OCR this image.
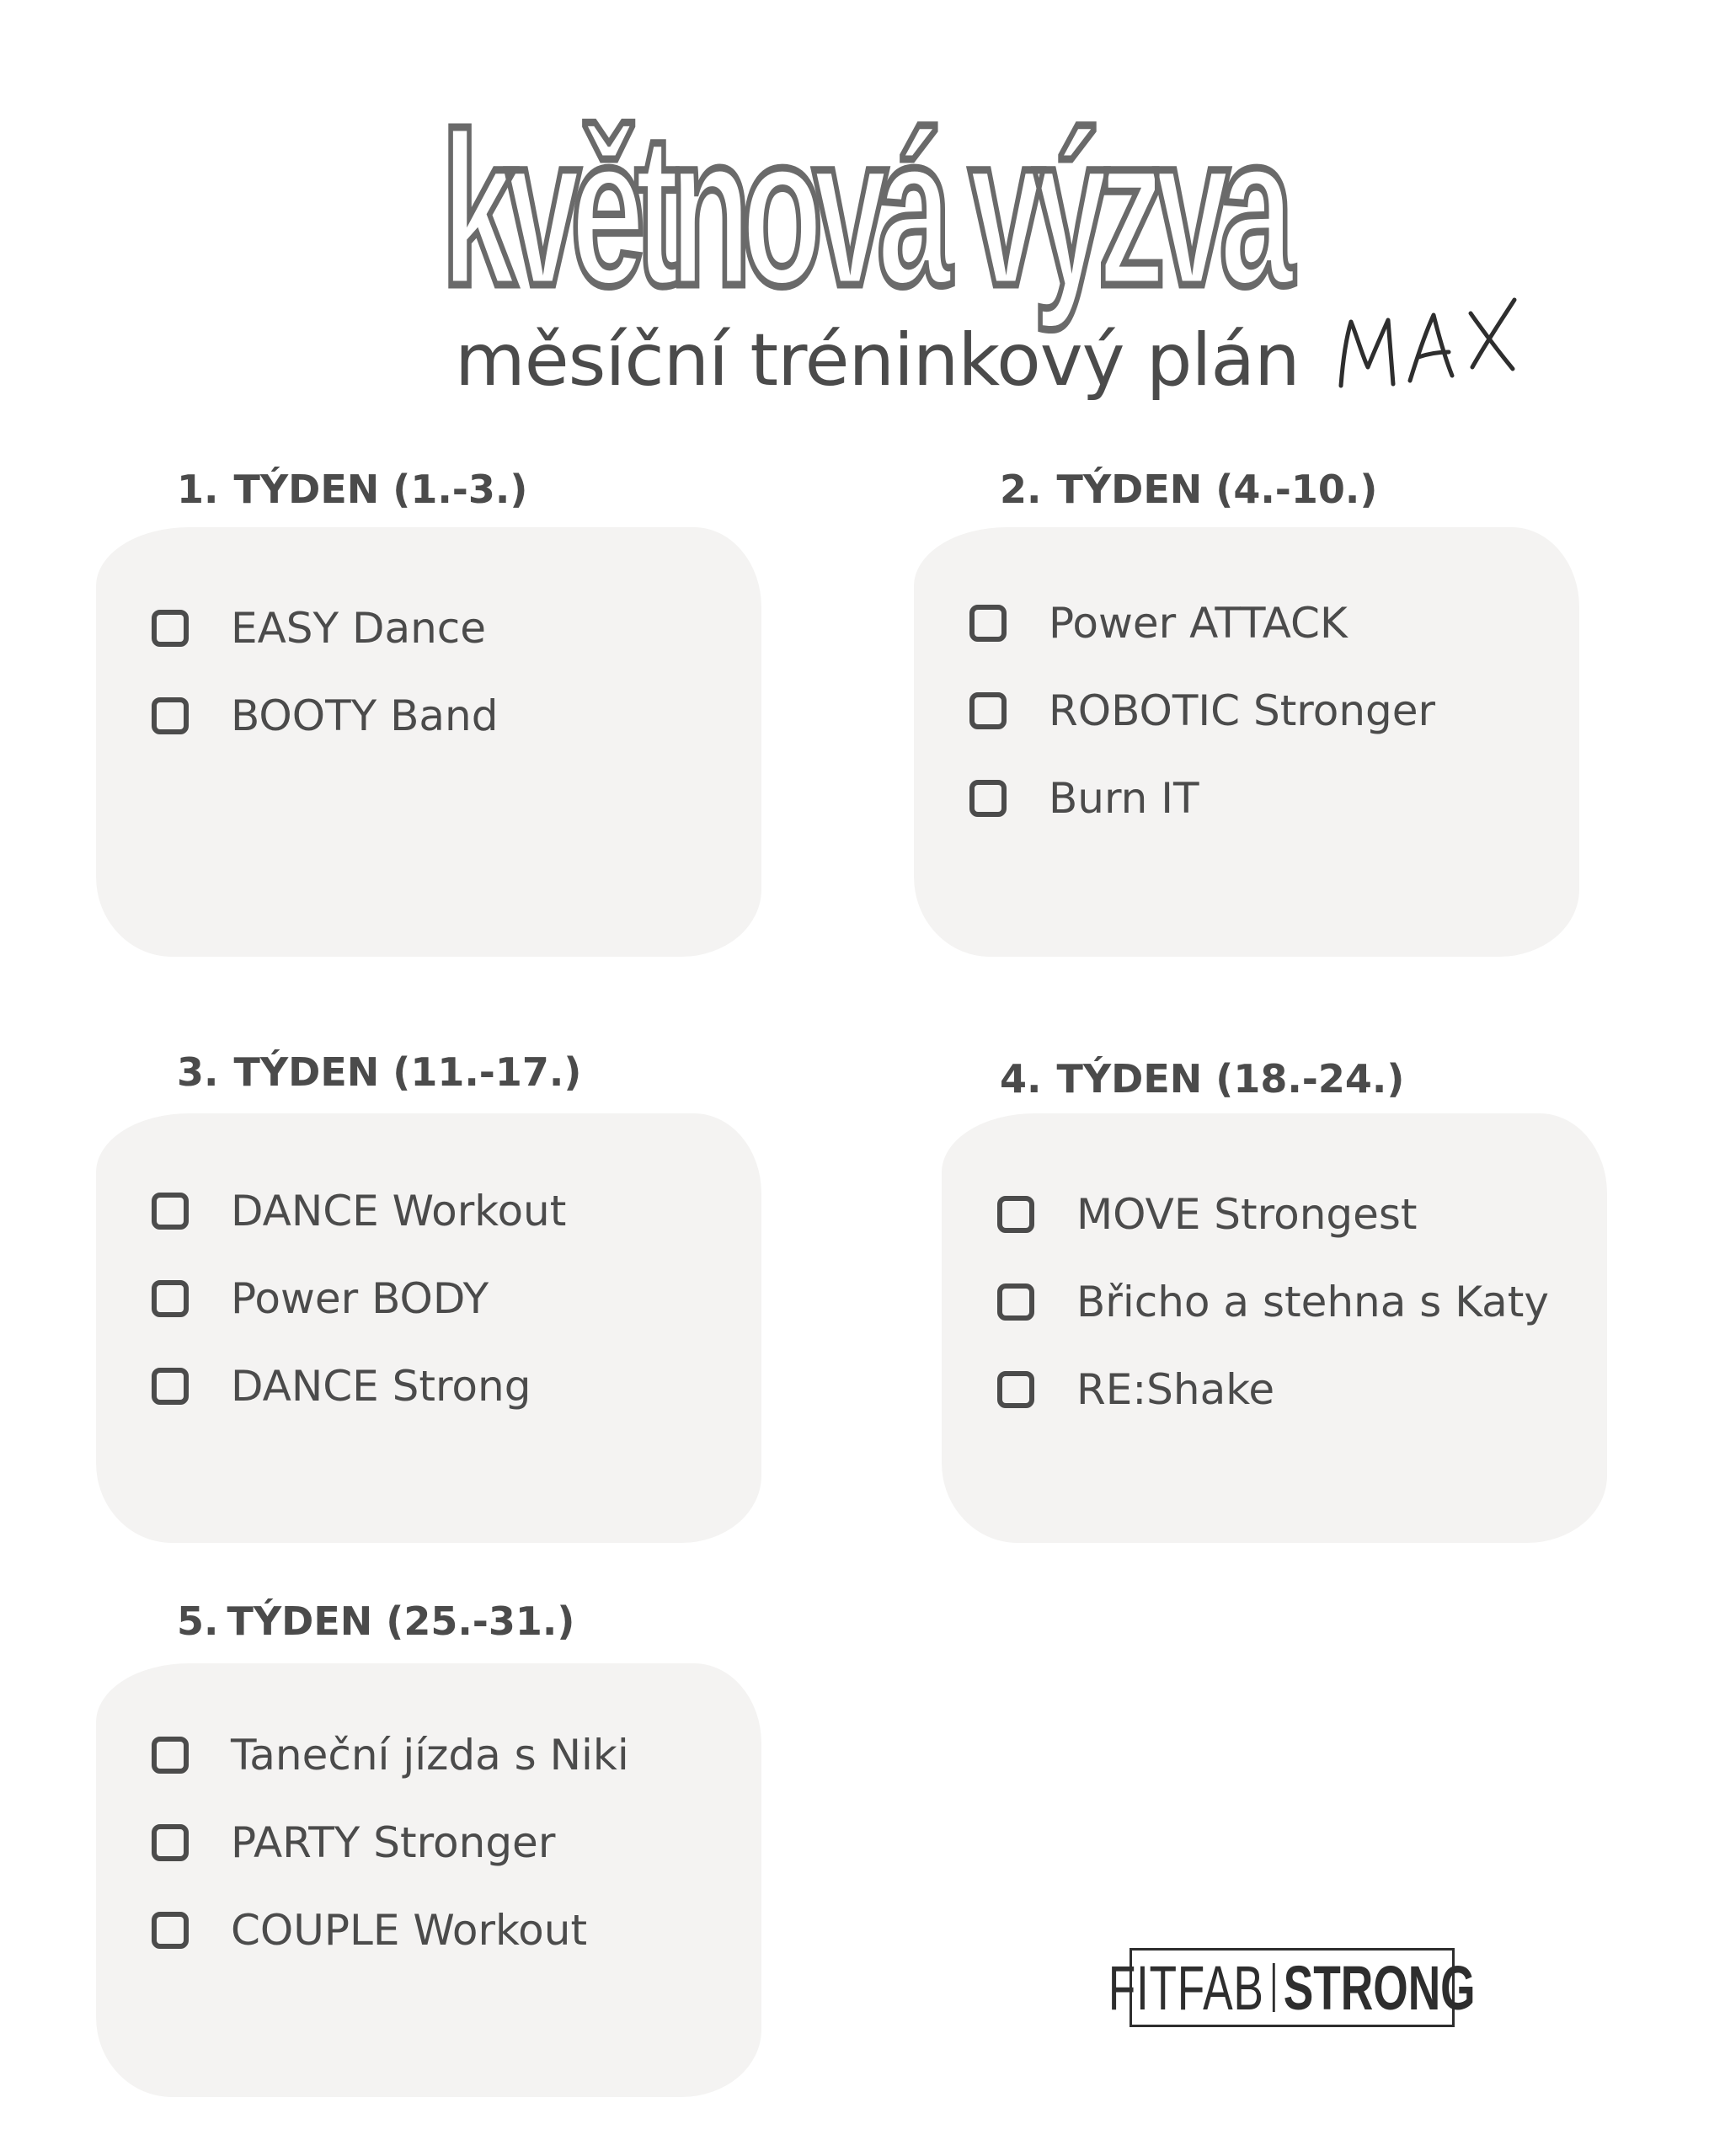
květnová výzva
měsíční tréninkový plán
1. TÝDEN (1.-3.)
EASY Dance
BOOTY Band
2. TÝDEN (4.-10.)
Power ATTACK
ROBOTIC Stronger
Burn IT
3. TÝDEN (11.-17.)
DANCE Workout
Power BODY
DANCE Strong
4. TÝDEN (18.-24.)
MOVE Strongest
Břicho a stehna s Katy
RE:Shake
5. TÝDEN (25.-31.)
Taneční jízda s Niki
PARTY Stronger
COUPLE Workout
FITFAB STRONG
